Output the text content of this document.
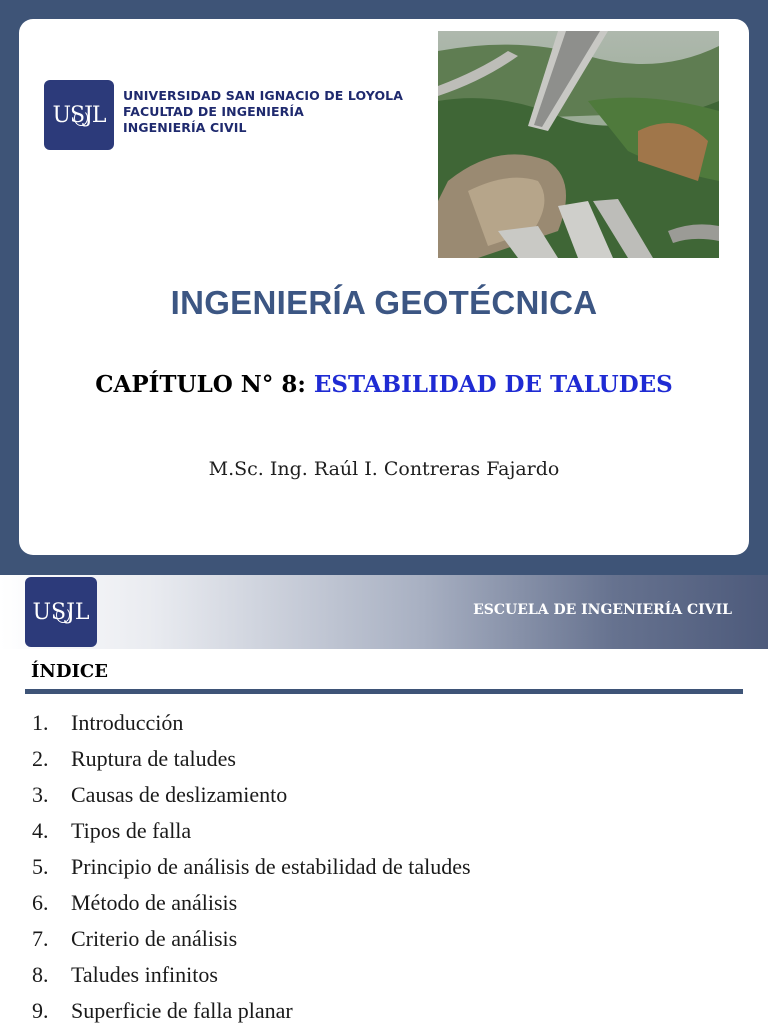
USJL
UNIVERSIDAD SAN IGNACIO DE LOYOLA
FACULTAD DE INGENIERÍA
INGENIERÍA CIVIL
INGENIERÍA GEOTÉCNICA
CAPÍTULO N° 8: ESTABILIDAD DE TALUDES
M.Sc. Ing. Raúl I. Contreras Fajardo
USJL	ESCUELA DE INGENIERÍA CIVIL
ÍNDICE
1. Introducción
2. Ruptura de taludes
3. Causas de deslizamiento
4. Tipos de falla
5. Principio de análisis de estabilidad de taludes
6. Método de análisis
7. Criterio de análisis
8. Taludes infinitos
9. Superficie de falla planar
